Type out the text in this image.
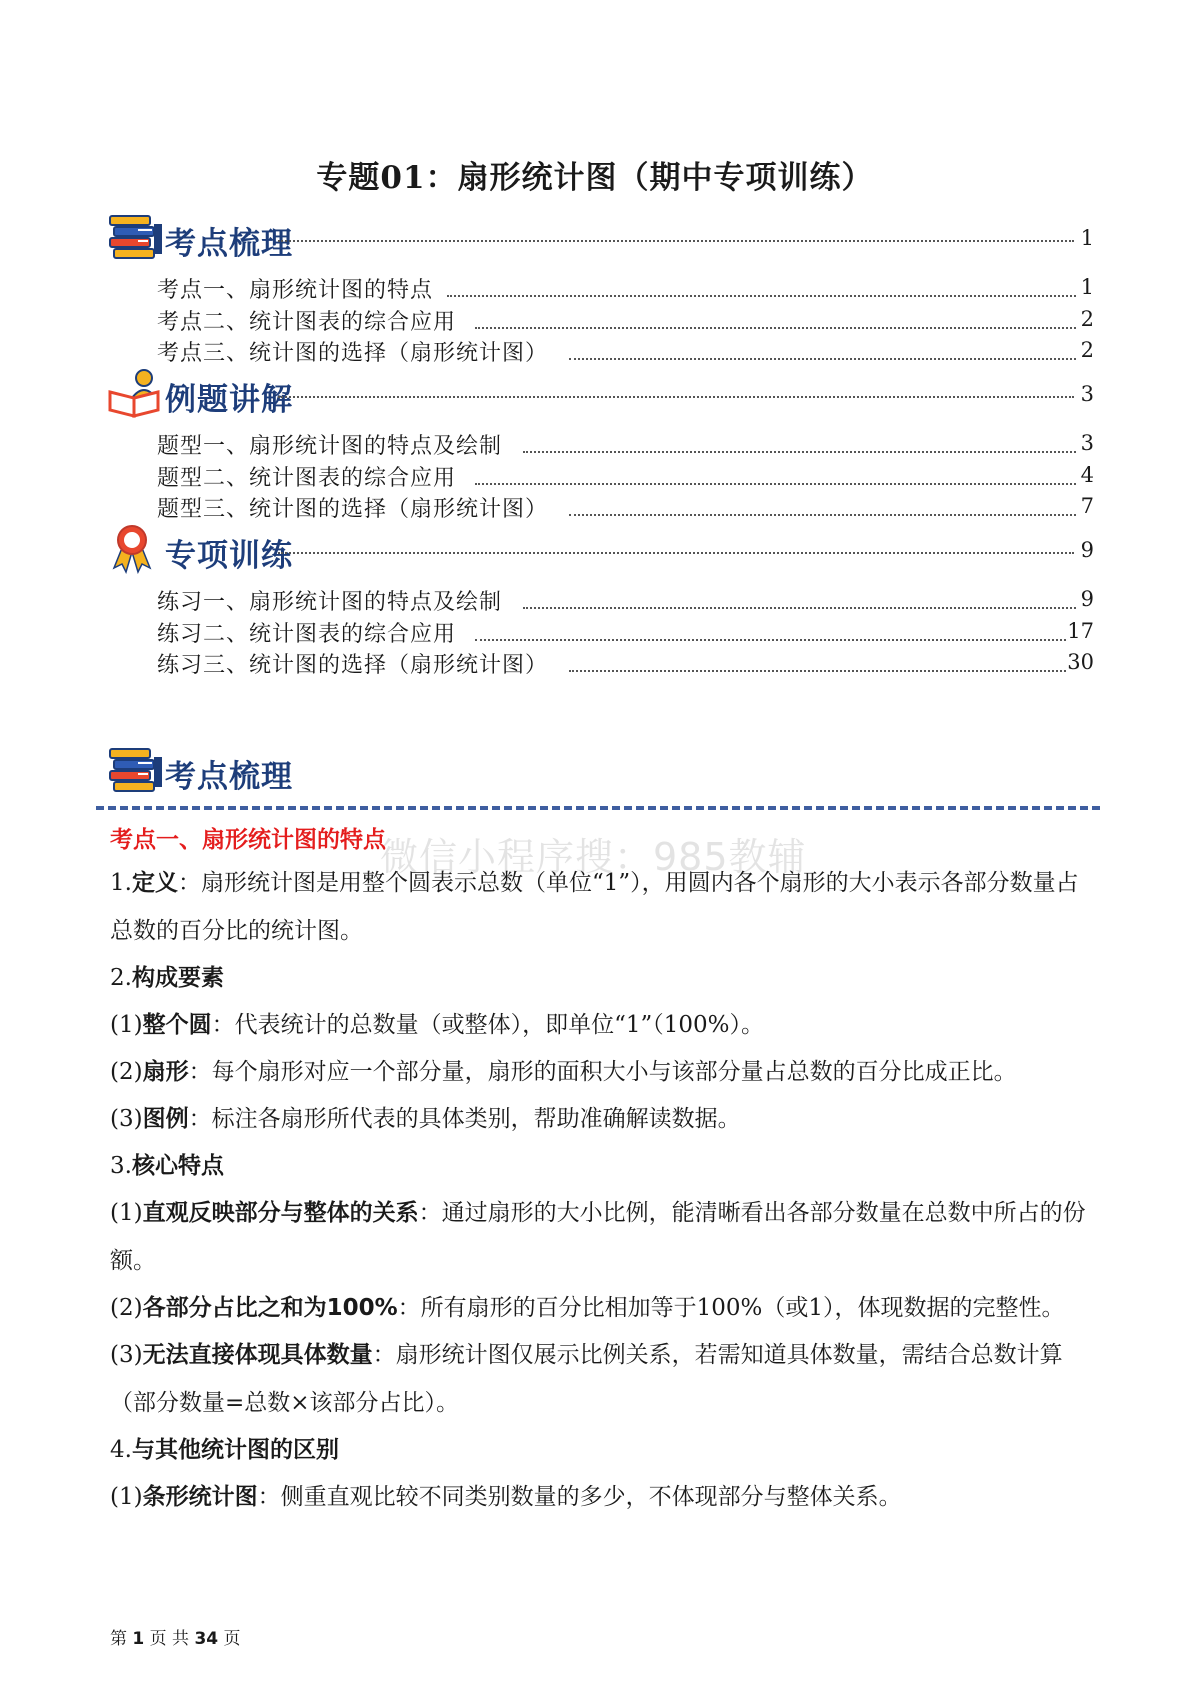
专题01：扇形统计图（期中专项训练）
考点梳理	1
考点一、扇形统计图的特点	1
考点二、统计图表的综合应用	2
考点三、统计图的选择（扇形统计图）	2
例题讲解	3
题型一、扇形统计图的特点及绘制	3
题型二、统计图表的综合应用	4
题型三、统计图的选择（扇形统计图）	7
专项训练	9
练习一、扇形统计图的特点及绘制	9
练习二、统计图表的综合应用	17
练习三、统计图的选择（扇形统计图）	30
考点梳理
微信小程序搜：985教辅
考点一、扇形统计图的特点
1.定义：扇形统计图是用整个圆表示总数（单位“1”），用圆内各个扇形的大小表示各部分数量占总数的百分比的统计图。
2.构成要素
(1)整个圆：代表统计的总数量（或整体），即单位“1”（100%）。
(2)扇形：每个扇形对应一个部分量，扇形的面积大小与该部分量占总数的百分比成正比。
(3)图例：标注各扇形所代表的具体类别，帮助准确解读数据。
3.核心特点
(1)直观反映部分与整体的关系：通过扇形的大小比例，能清晰看出各部分数量在总数中所占的份额。
(2)各部分占比之和为100%：所有扇形的百分比相加等于100%（或1），体现数据的完整性。
(3)无法直接体现具体数量：扇形统计图仅展示比例关系，若需知道具体数量，需结合总数计算（部分数量=总数×该部分占比）。
4.与其他统计图的区别
(1)条形统计图：侧重直观比较不同类别数量的多少，不体现部分与整体关系。
第 1 页 共 34 页
